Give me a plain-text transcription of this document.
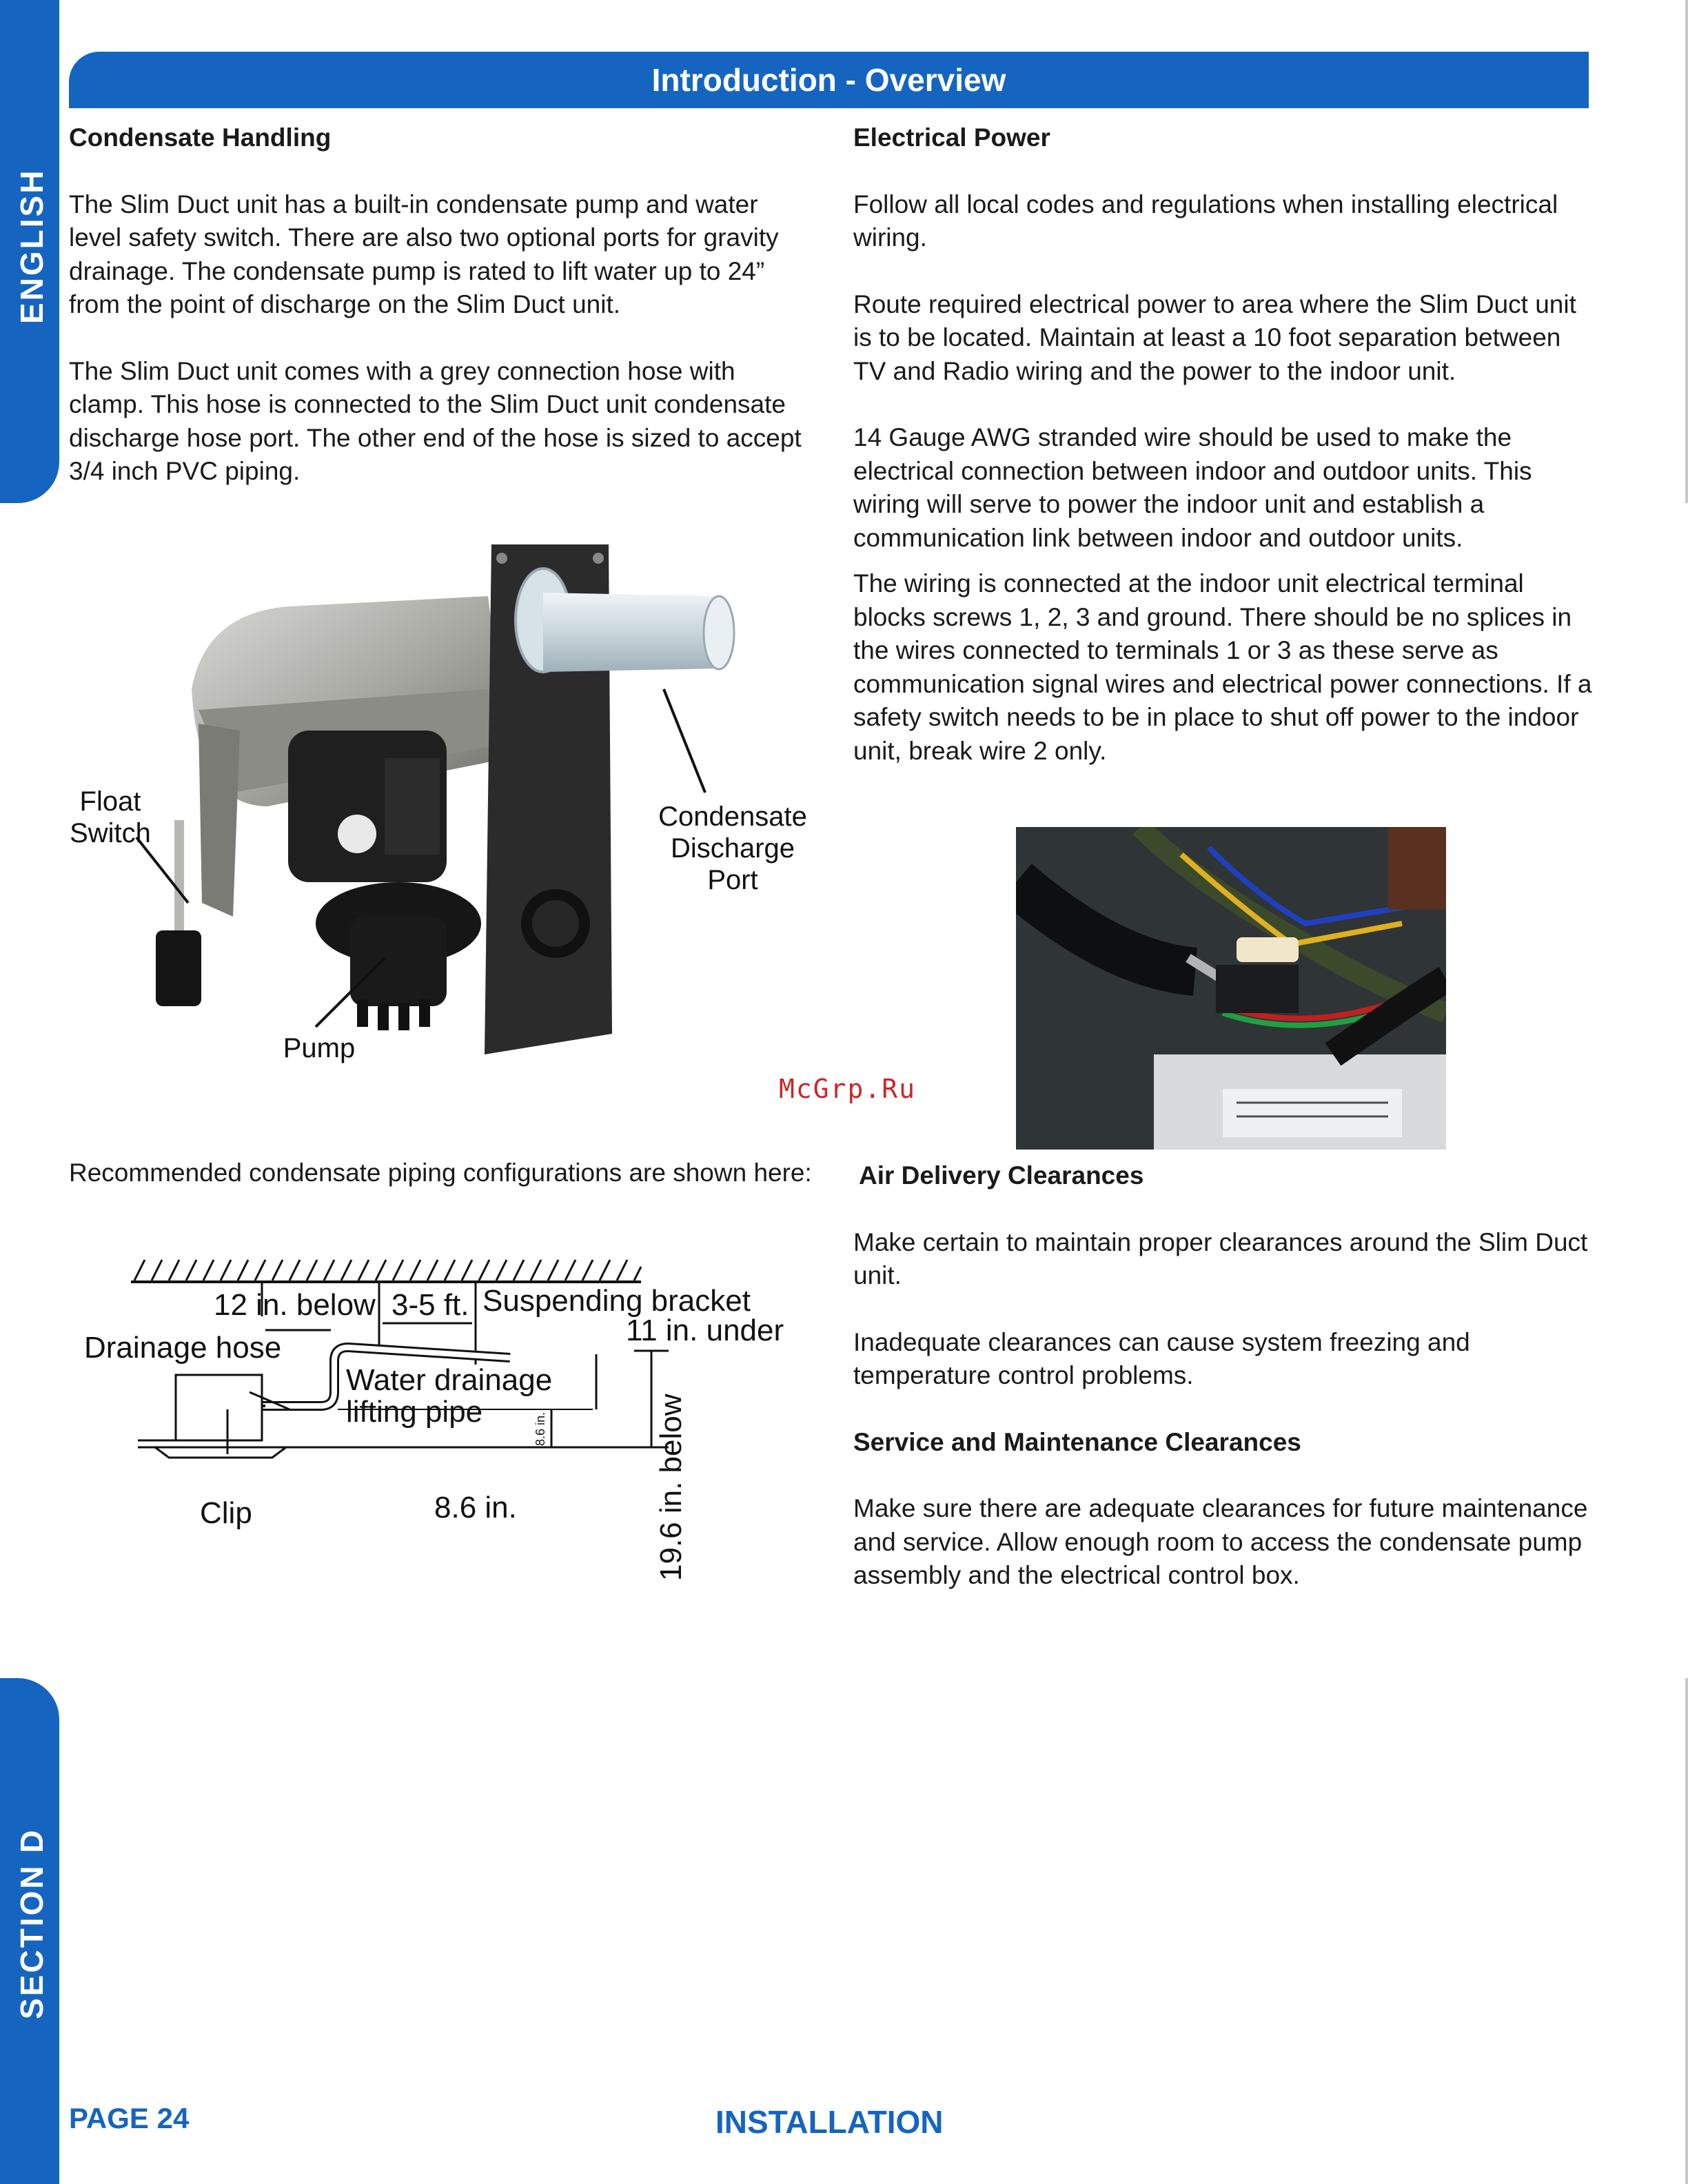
ENGLISH
SECTION D
Introduction - Overview
Condensate Handling

The Slim Duct unit has a built-in condensate pump and water level safety switch. There are also two optional ports for gravity drainage. The condensate pump is rated to lift water up to 24” from the point of discharge on the Slim Duct unit.

The Slim Duct unit comes with a grey connection hose with clamp. This hose is connected to the Slim Duct unit condensate discharge hose port. The other end of the hose is sized to accept 3/4 inch PVC piping.

Float
Switch
Condensate
Discharge
Port
Pump

Recommended condensate piping configurations are shown here:

12 in. below 3-5 ft. Suspending bracket
11 in. under
Drainage hose
Water drainage
lifting pipe
8.6 in.
Clip	8.6 in.	19.6 in. below
Electrical Power

Follow all local codes and regulations when installing electrical wiring.

Route required electrical power to area where the Slim Duct unit is to be located. Maintain at least a 10 foot separation between TV and Radio wiring and the power to the indoor unit.

14 Gauge AWG stranded wire should be used to make the electrical connection between indoor and outdoor units. This wiring will serve to power the indoor unit and establish a communication link between indoor and outdoor units.

The wiring is connected at the indoor unit electrical terminal blocks screws 1, 2, 3 and ground. There should be no splices in the wires connected to terminals 1 or 3 as these serve as communication signal wires and electrical power connections. If a safety switch needs to be in place to shut off power to the indoor unit, break wire 2 only.

Air Delivery Clearances

Make certain to maintain proper clearances around the Slim Duct unit.

Inadequate clearances can cause system freezing and temperature control problems.

Service and Maintenance Clearances

Make sure there are adequate clearances for future maintenance and service. Allow enough room to access the condensate pump assembly and the electrical control box.

McGrp.Ru
PAGE 24	INSTALLATION
